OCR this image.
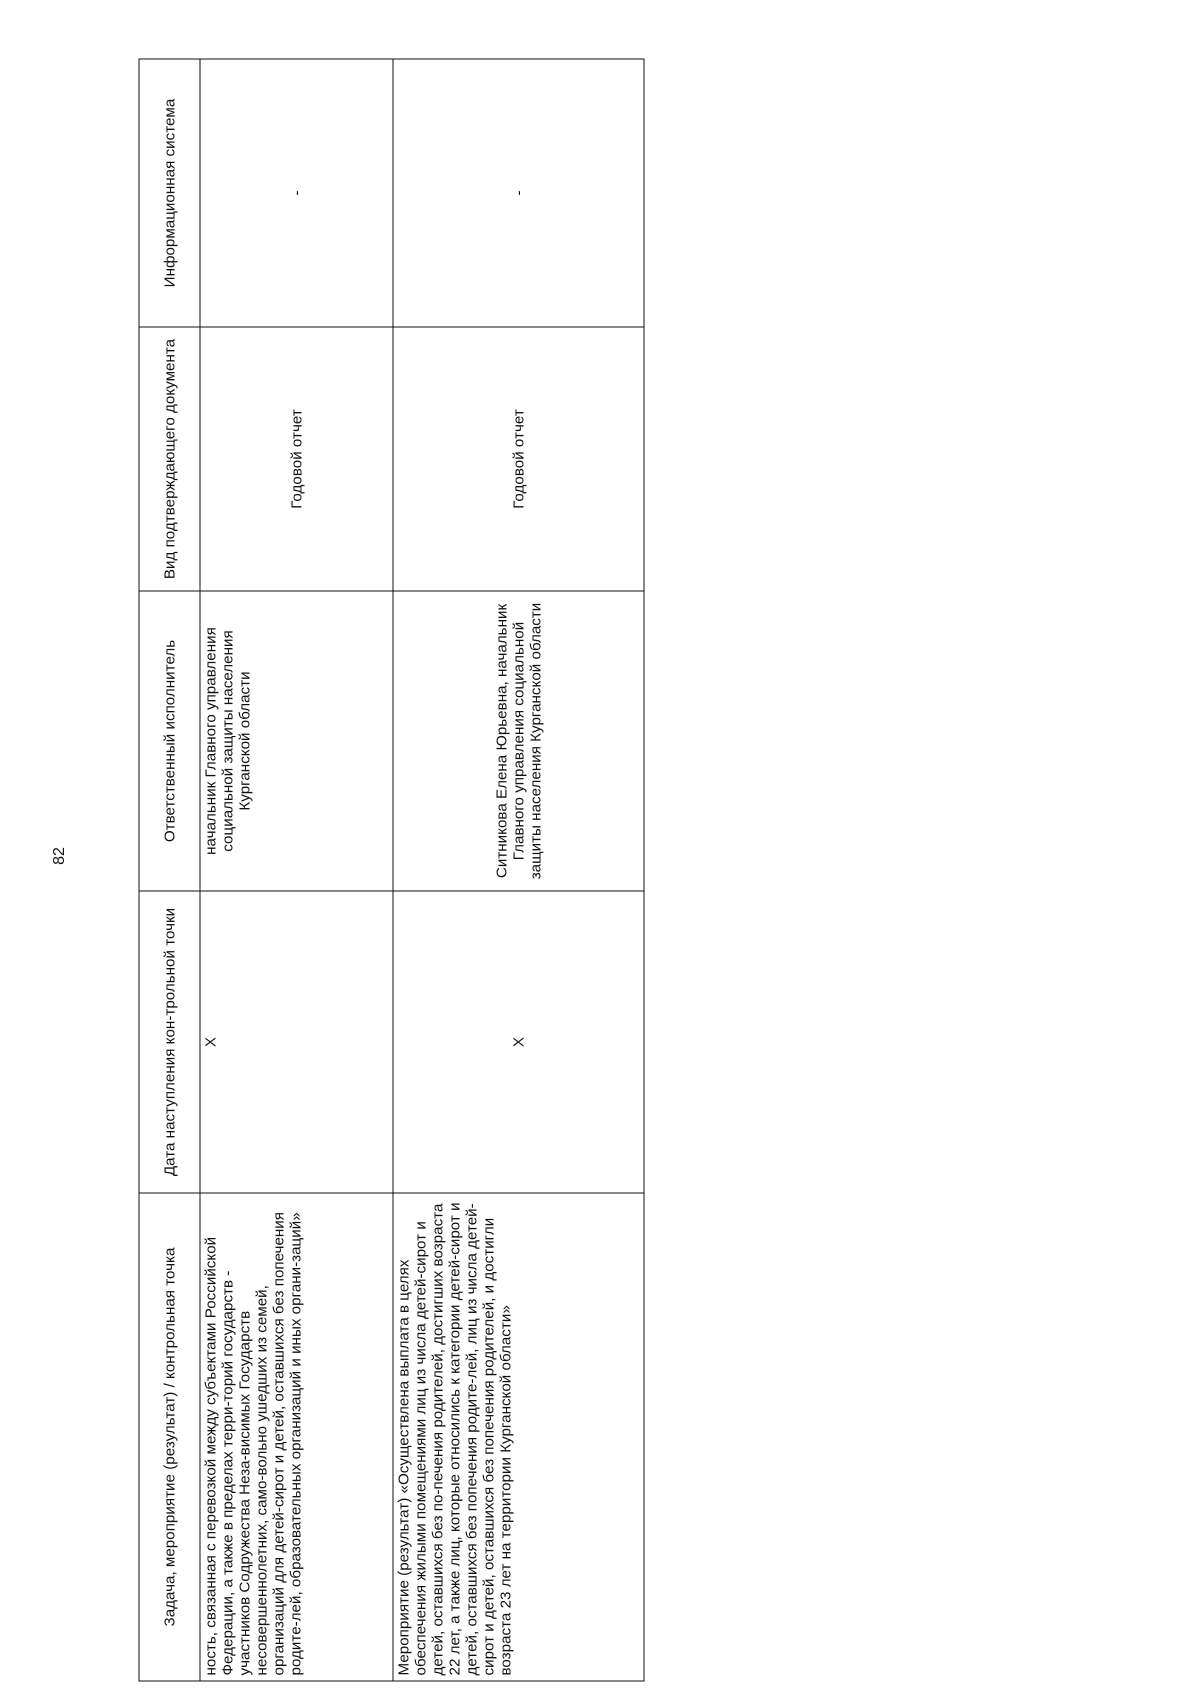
82
Задача, мероприятие (результат) / контрольная точка	Дата наступления кон-трольной точки	Ответственный исполнитель	Вид подтверждающего документа	Информационная система
ность, связанная с перевозкой между субъектами Российской Федерации, а также в пределах терри-торий государств - участников Содружества Неза-висимых Государств несовершеннолетних, само-вольно ушедших из семей, организаций для детей-сирот и детей, оставшихся без попечения родите-лей, образовательных организаций и иных органи-заций»	X	начальник Главного управления социальной защиты населения Курганской области	Годовой отчет	-
Мероприятие (результат) «Осуществлена выплата в целях обеспечения жилыми помещениями лиц из числа детей-сирот и детей, оставшихся без по-печения родителей, достигших возраста 22 лет, а также лиц, которые относились к категории детей-сирот и детей, оставшихся без попечения родите-лей, лиц из числа детей-сирот и детей, оставшихся без попечения родителей, и достигли возраста 23 лет на территории Курганской области»	X	Ситникова Елена Юрьевна, начальник Главного управления социальной защиты населения Курганской области	Годовой отчет	-
